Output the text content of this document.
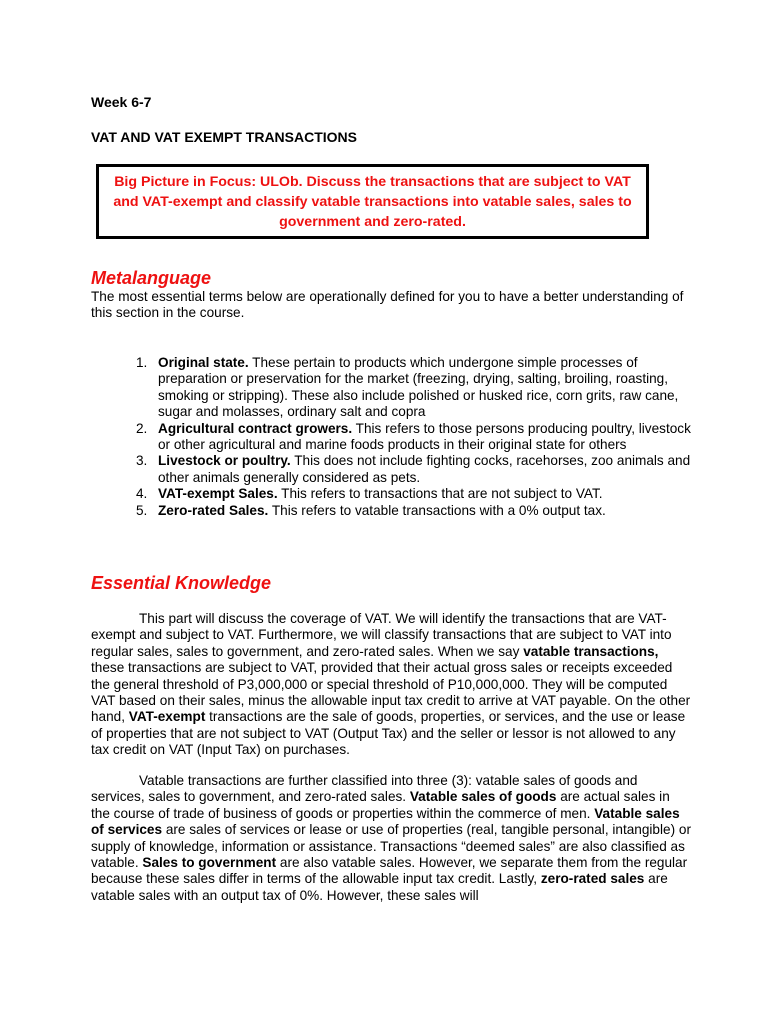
Week 6-7
VAT AND VAT EXEMPT TRANSACTIONS
Big Picture in Focus: ULOb. Discuss the transactions that are subject to VAT and VAT-exempt and classify vatable transactions into vatable sales, sales to government and zero-rated.
Metalanguage
The most essential terms below are operationally defined for you to have a better understanding of this section in the course.
1. Original state. These pertain to products which undergone simple processes of preparation or preservation for the market (freezing, drying, salting, broiling, roasting, smoking or stripping). These also include polished or husked rice, corn grits, raw cane, sugar and molasses, ordinary salt and copra
2. Agricultural contract growers. This refers to those persons producing poultry, livestock or other agricultural and marine foods products in their original state for others
3. Livestock or poultry. This does not include fighting cocks, racehorses, zoo animals and other animals generally considered as pets.
4. VAT-exempt Sales. This refers to transactions that are not subject to VAT.
5. Zero-rated Sales. This refers to vatable transactions with a 0% output tax.
Essential Knowledge

This part will discuss the coverage of VAT. We will identify the transactions that are VAT-exempt and subject to VAT. Furthermore, we will classify transactions that are subject to VAT into regular sales, sales to government, and zero-rated sales. When we say vatable transactions, these transactions are subject to VAT, provided that their actual gross sales or receipts exceeded the general threshold of P3,000,000 or special threshold of P10,000,000. They will be computed VAT based on their sales, minus the allowable input tax credit to arrive at VAT payable. On the other hand, VAT-exempt transactions are the sale of goods, properties, or services, and the use or lease of properties that are not subject to VAT (Output Tax) and the seller or lessor is not allowed to any tax credit on VAT (Input Tax) on purchases.

Vatable transactions are further classified into three (3): vatable sales of goods and services, sales to government, and zero-rated sales. Vatable sales of goods are actual sales in the course of trade of business of goods or properties within the commerce of men. Vatable sales of services are sales of services or lease or use of properties (real, tangible personal, intangible) or supply of knowledge, information or assistance. Transactions “deemed sales” are also classified as vatable. Sales to government are also vatable sales. However, we separate them from the regular because these sales differ in terms of the allowable input tax credit. Lastly, zero-rated sales are vatable sales with an output tax of 0%. However, these sales will
